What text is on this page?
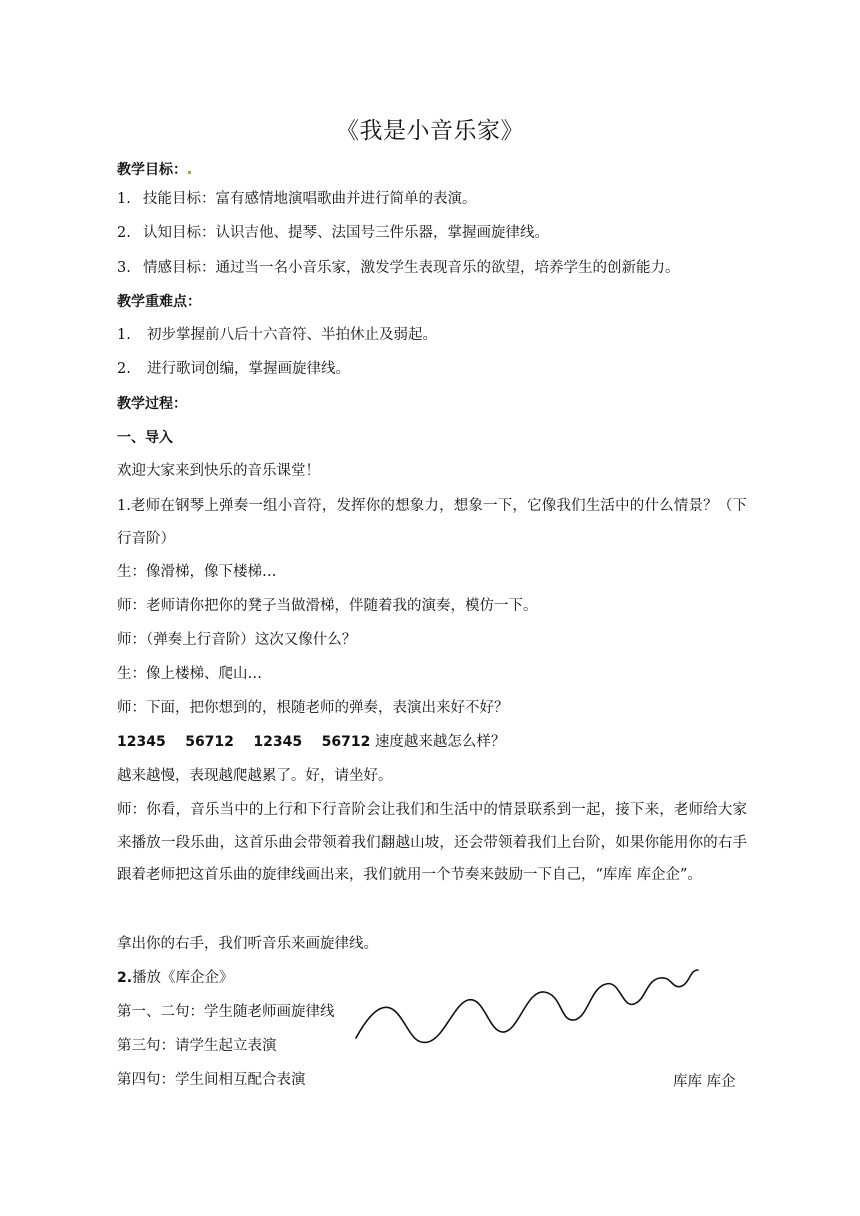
《我是小音乐家》
教学目标：
1. 技能目标：富有感情地演唱歌曲并进行简单的表演。
2. 认知目标：认识吉他、提琴、法国号三件乐器，掌握画旋律线。
3. 情感目标：通过当一名小音乐家，激发学生表现音乐的欲望，培养学生的创新能力。
教学重难点：
1. 初步掌握前八后十六音符、半拍休止及弱起。
2. 进行歌词创编，掌握画旋律线。
教学过程：
一、导入
欢迎大家来到快乐的音乐课堂！
1.老师在钢琴上弹奏一组小音符，发挥你的想象力，想象一下，它像我们生活中的什么情景？（下行音阶）
生：像滑梯，像下楼梯…
师：老师请你把你的凳子当做滑梯，伴随着我的演奏，模仿一下。
师：（弹奏上行音阶）这次又像什么？
生：像上楼梯、爬山…
师：下面，把你想到的，根随老师的弹奏，表演出来好不好？
12345    56712    12345    56712 速度越来越怎么样？
越来越慢，表现越爬越累了。好，请坐好。
师：你看，音乐当中的上行和下行音阶会让我们和生活中的情景联系到一起，接下来，老师给大家来播放一段乐曲，这首乐曲会带领着我们翻越山坡，还会带领着我们上台阶，如果你能用你的右手跟着老师把这首乐曲的旋律线画出来，我们就用一个节奏来鼓励一下自己，“库库 库企企”。
拿出你的右手，我们听音乐来画旋律线。
2.播放《库企企》
第一、二句：学生随老师画旋律线
第三句：请学生起立表演
第四句：学生间相互配合表演	库库 库企
